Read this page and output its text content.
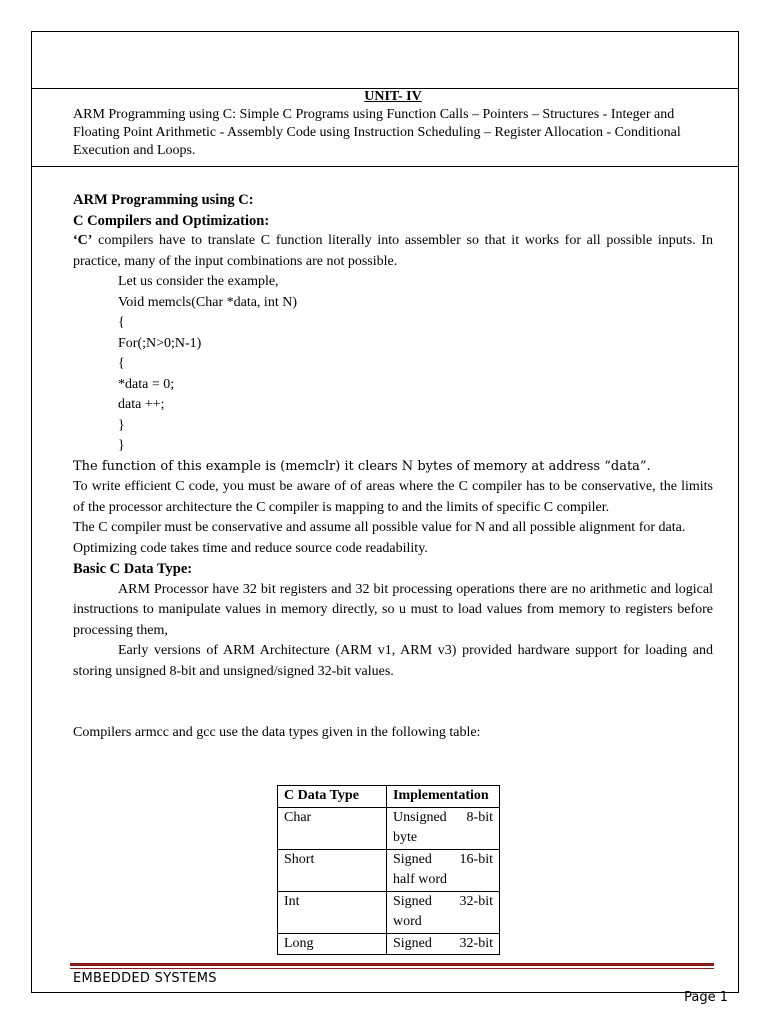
UNIT- IV
ARM Programming using C: Simple C Programs using Function Calls – Pointers – Structures - Integer and Floating Point Arithmetic - Assembly Code using Instruction Scheduling – Register Allocation - Conditional Execution and Loops.

ARM Programming using C:

C Compilers and Optimization:

‘C’ compilers have to translate C function literally into assembler so that it works for all possible inputs. In practice, many of the input combinations are not possible.

Let us consider the example,

Void memcls(Char *data, int N)

{

For(;N>0;N-1)

{

*data = 0;

data ++;

}

}

The function of this example is (memclr) it clears N bytes of memory at address “data”.

To write efficient C code, you must be aware of of areas where the C compiler has to be conservative, the limits of the processor architecture the C compiler is mapping to and the limits of specific C compiler.

The C compiler must be conservative and assume all possible value for N and all possible alignment for data.

Optimizing code takes time and reduce source code readability.

Basic C Data Type:

ARM Processor have 32 bit registers and 32 bit processing operations there are no arithmetic and logical instructions to manipulate values in memory directly, so u must to load values from memory to registers before processing them,

Early versions of ARM Architecture (ARM v1, ARM v3) provided hardware support for loading and storing unsigned 8-bit and unsigned/signed 32-bit values.

Compilers armcc and gcc use the data types given in the following table:

C Data Type	Implementation
Char	Unsigned 8-bit
byte

Short	Signed 16-bit
half word

Int	Signed 32-bit
word

Long	Signed 32-bit
EMBEDDED SYSTEMS
Page 1
